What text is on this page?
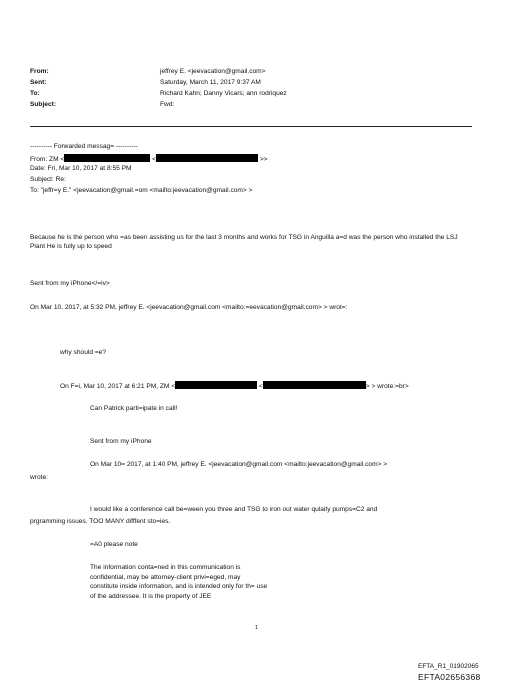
From:	jeffrey E. <jeevacation@gmail.com>
Sent:	Saturday, March 11, 2017 9:37 AM
To:	Richard Kahn; Danny Vicars; ann rodriquez
Subject:	Fwd:
---------- Forwarded messag= ----------
From: ZM <	<	>>
Date: Fri, Mar 10, 2017 at 8:55 PM
Subject: Re:
To: "jeffr=y E." <jeevacation@gmail.=om <mailto:jeevacation@gmail.com> >
Because he is the person who =as been assisting us for the last 3 months and works for TSG in Anguilla a=d was the person who installed the LSJ Plant He is fully up to speed
Sent from my iPhone</=iv>
On Mar 10, 2017, at 5:32 PM, jeffrey E. <jeevacation@gmail.com <mailto:=eevacation@gmail.com> > wrot=:
why should =e?
On F=i, Mar 10, 2017 at 6:21 PM, ZM <	<	> > wrote:=br>
Can Patrick parti=ipate in call!
Sent from my iPhone
On Mar 10= 2017, at 1:40 PM, jeffrey E. <jeevacation@gmail.com <mailto:jeevacation@gmail.com> >
wrote:
I would like a conference call be=ween you three and TSG to iron out water qulaity pumps=C2 and
prgramming issues. TOO MANY difffent sto=ies.
=A0 please note
The information conta=ned in this communication is confidential, may be attorney-client privi=eged, may constitute inside information, and is intended only for th= use of the addressee. It is the property of JEE
1
EFTA_R1_01902065
EFTA02656368
